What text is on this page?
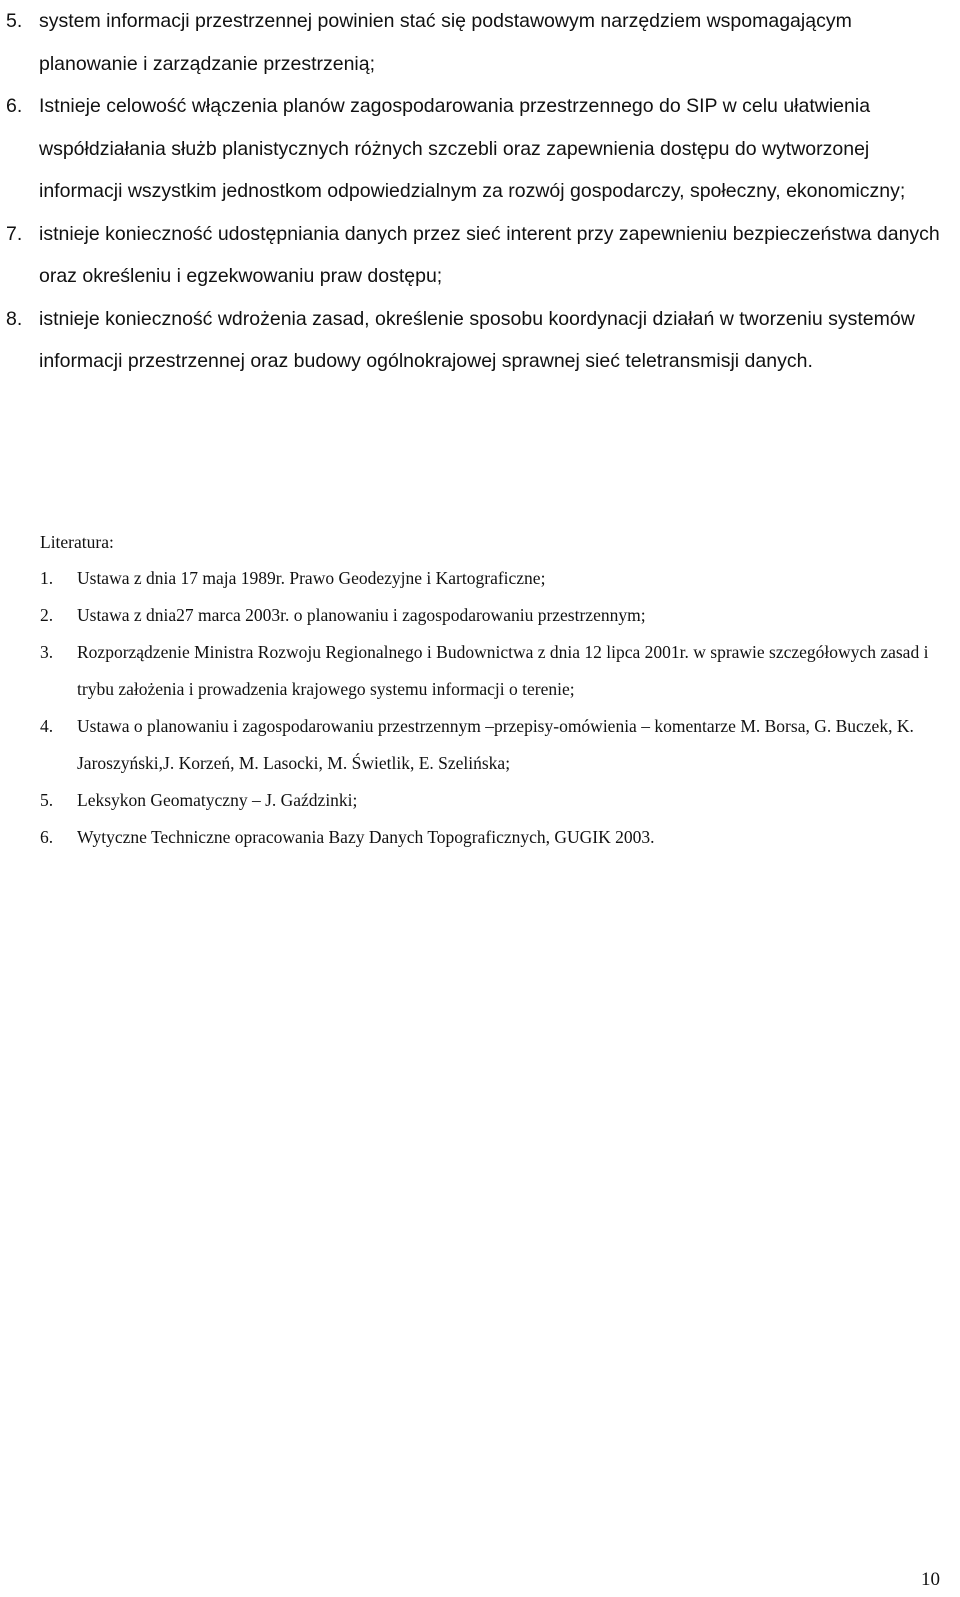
5. system informacji przestrzennej powinien stać się podstawowym narzędziem wspomagającym planowanie i zarządzanie przestrzenią;
6. Istnieje celowość włączenia planów zagospodarowania przestrzennego do SIP w celu ułatwienia współdziałania służb planistycznych różnych szczebli oraz zapewnienia dostępu do wytworzonej informacji wszystkim jednostkom odpowiedzialnym za rozwój gospodarczy, społeczny, ekonomiczny;
7. istnieje konieczność udostępniania danych przez sieć interent przy zapewnieniu bezpieczeństwa danych oraz określeniu i egzekwowaniu praw dostępu;
8. istnieje konieczność wdrożenia zasad, określenie sposobu koordynacji działań w tworzeniu systemów informacji przestrzennej oraz budowy ogólnokrajowej sprawnej sieć teletransmisji danych.
Literatura:
1.	Ustawa z dnia 17 maja 1989r. Prawo Geodezyjne i Kartograficzne;
2.	Ustawa z dnia27 marca 2003r. o planowaniu i zagospodarowaniu przestrzennym;
3.	Rozporządzenie Ministra Rozwoju Regionalnego i Budownictwa z dnia 12 lipca 2001r. w sprawie szczegółowych zasad i trybu założenia i prowadzenia krajowego systemu informacji o terenie;
4.	Ustawa o planowaniu i zagospodarowaniu przestrzennym –przepisy-omówienia – komentarze M. Borsa, G. Buczek, K. Jaroszyński,J. Korzeń, M. Lasocki, M. Świetlik, E. Szelińska;
5.	Leksykon Geomatyczny – J. Gaździnki;
6.	Wytyczne Techniczne opracowania Bazy Danych Topograficznych, GUGIK 2003.
10
